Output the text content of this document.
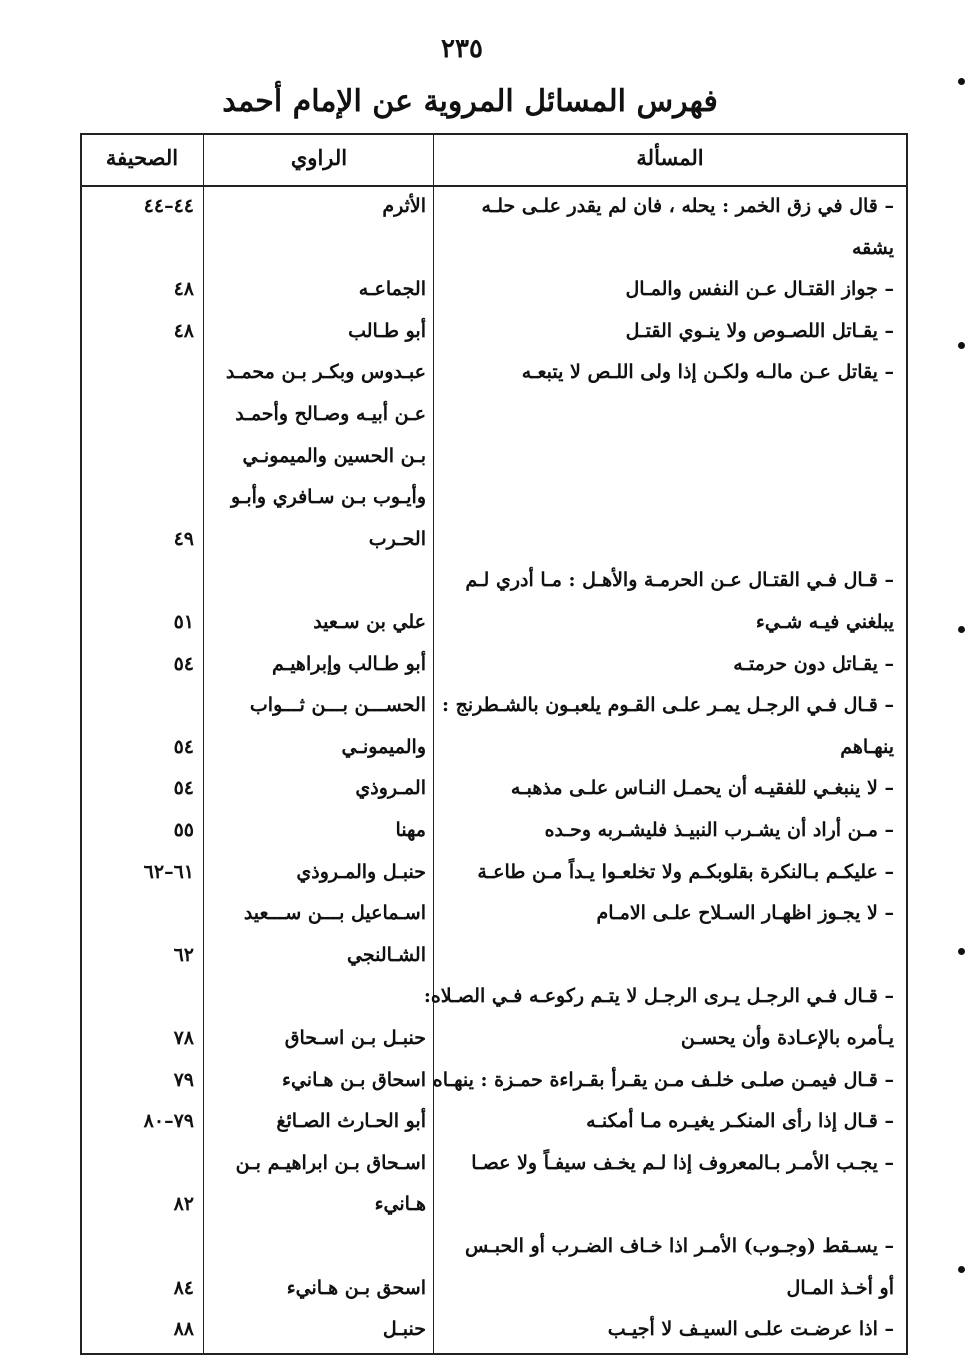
٢٣٥
فهرس المسائل المروية عن الإمام أحمد
المسألة
الراوي
الصحيفة
– قال في زق الخمر : يحله ، فان لم يقدر علـى حلـه
الأثرم
٤٤–٤٤
يشقه
– جواز القتـال عـن النفس والمـال
الجماعـه
٤٨
– يقـاتل اللصـوص ولا ينـوي القتـل
أبو طـالب
٤٨
– يقاتل عـن مالـه ولكـن إذا ولى اللـص لا يتبعـه
عبـدوس وبكـر بـن محمـد
عـن أبيـه وصـالح وأحمـد
بـن الحسين والميمونـي
وأيـوب بـن سـافري وأبـو
الحـرب
٤٩
– قـال فـي القتـال عـن الحرمـة والأهـل : مـا أدري لـم
يبلغني فيـه شـيء
علي بن سـعيد
٥١
– يقـاتل دون حرمتـه
أبو طـالب وإبراهيـم
٥٤
– قـال فـي الرجـل يمـر علـى القـوم يلعبـون بالشـطرنج :
الحســـن بـــن ثـــواب
ينهـاهم
والميمونـي
٥٤
– لا ينبغـي للفقيـه أن يحمـل النـاس علـى مذهبـه
المـروذي
٥٤
– مـن أراد أن يشـرب النبيـذ فليشـربه وحـده
مهنا
٥٥
– عليكـم بـالنكرة بقلوبكـم ولا تخلعـوا يـداً مـن طاعـة
حنبـل والمـروذي
٦١–٦٢
– لا يجـوز اظهـار السـلاح علـى الامـام
اسـماعيل بـــن ســـعيد
الشـالنجي
٦٢
– قـال فـي الرجـل يـرى الرجـل لا يتـم ركوعـه فـي الصـلاه:
يـأمره بالإعـادة وأن يحسـن
حنبـل بـن اسـحاق
٧٨
– قـال فيمـن صلـى خلـف مـن يقـرأ بقـراءة حمـزة : ينهـاه
اسحاق بـن هـانيء
٧٩
– قـال إذا رأى المنكـر يغيـره مـا أمكنـه
أبو الحـارث الصـائغ
٧٩–٨٠
– يجـب الأمـر بـالمعروف إذا لـم يخـف سيفـاً ولا عصـا
اسـحاق بـن ابراهيـم بـن
هـانيء
٨٢
– يسـقط (وجـوب) الأمـر اذا خـاف الضـرب أو الحبـس
أو أخـذ المـال
اسحق بـن هـانيء
٨٤
– اذا عرضـت علـى السيـف لا أجيـب
حنبـل
٨٨
